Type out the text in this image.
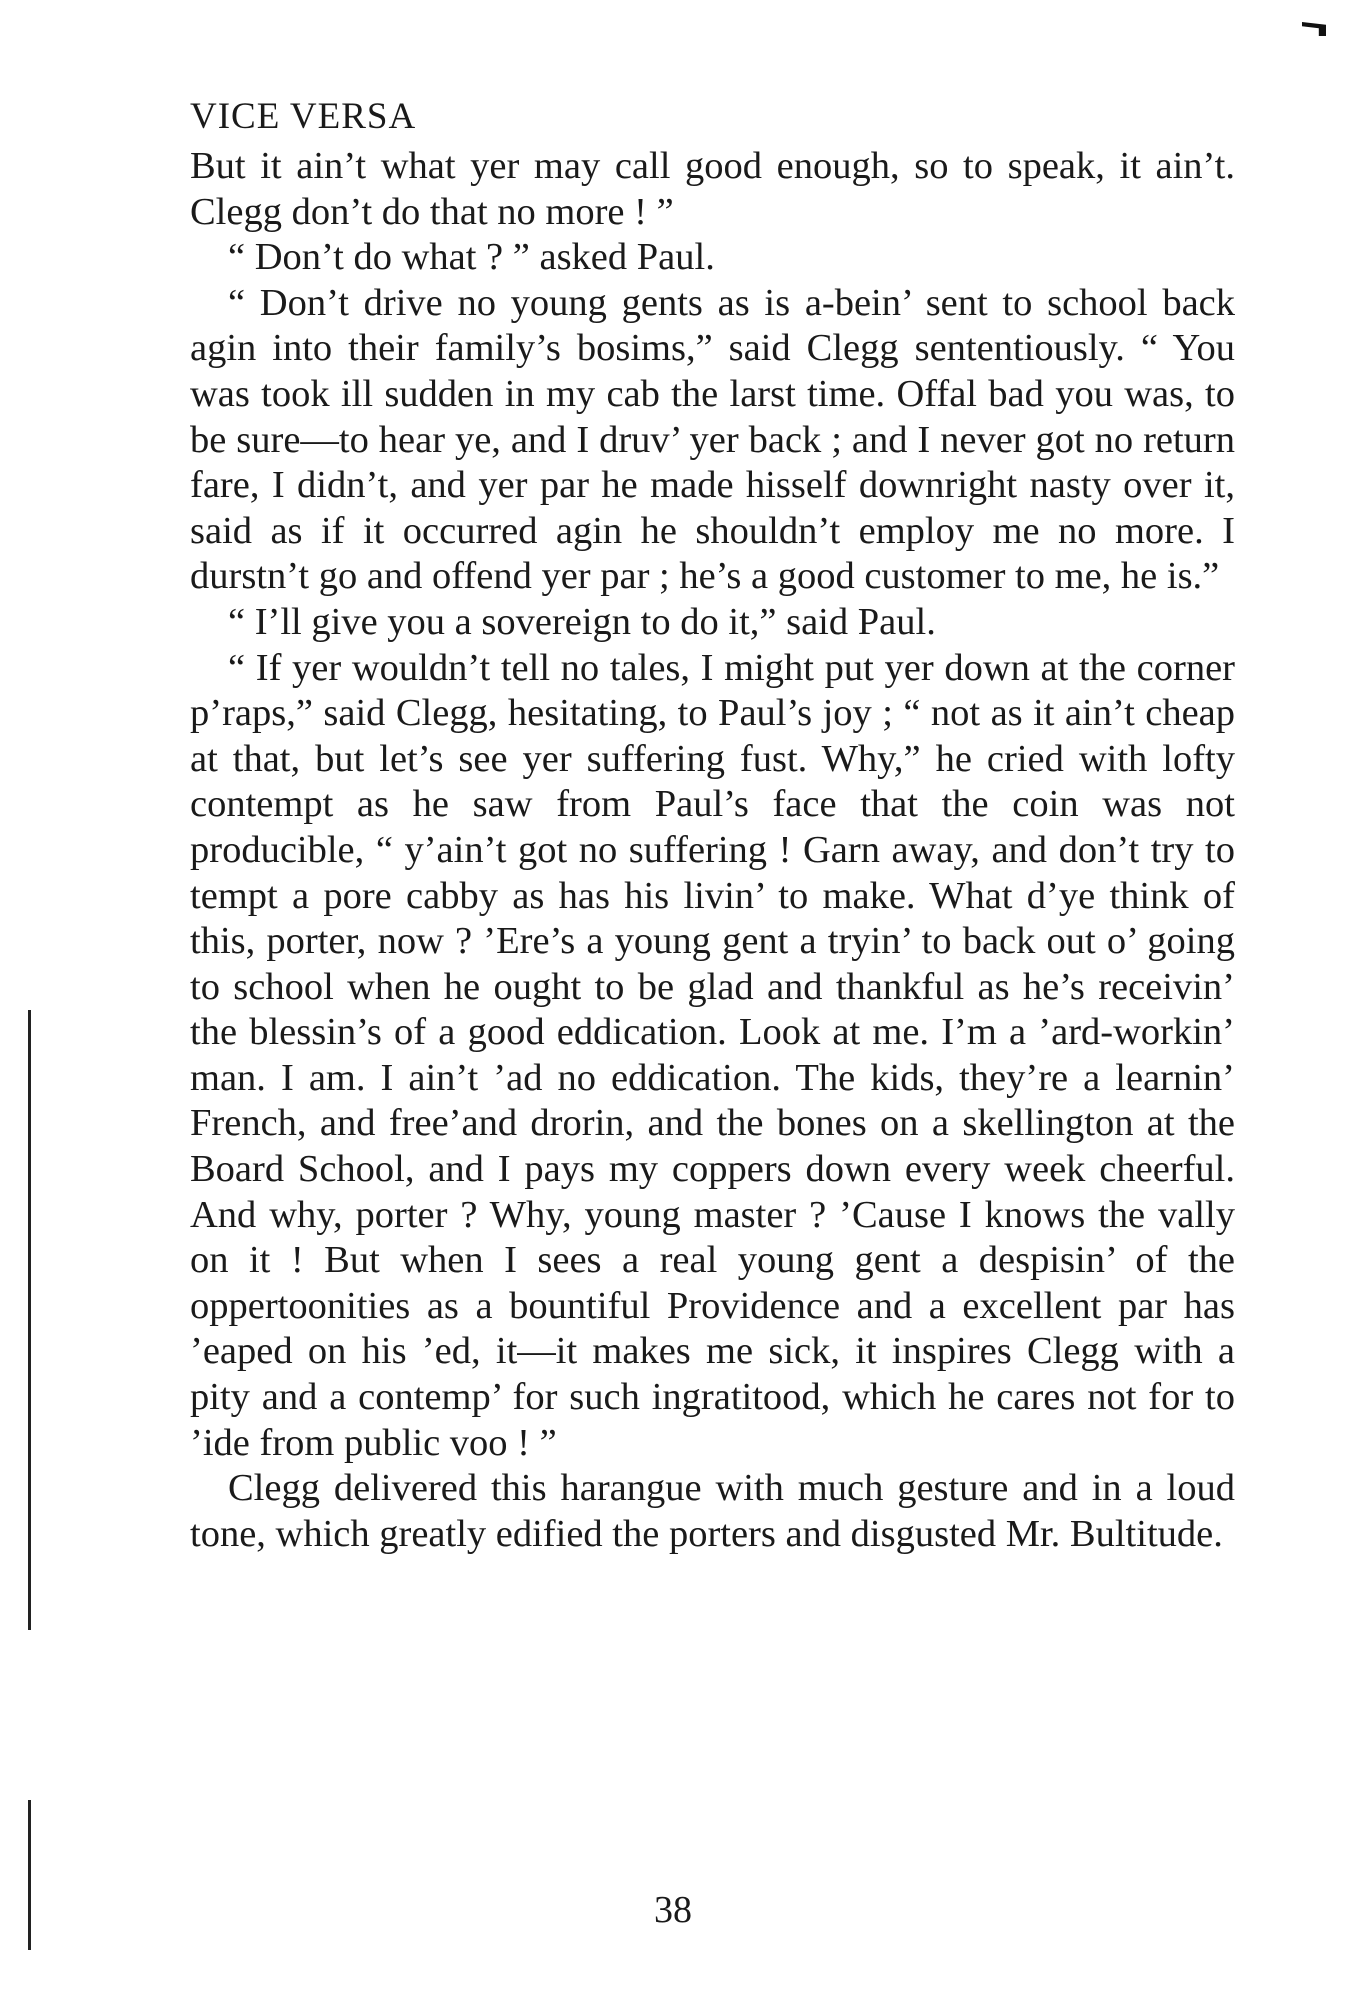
VICE VERSA

But it ain’t what yer may call good enough, so to speak, it ain’t. Clegg don’t do that no more ! ”

“ Don’t do what ? ” asked Paul.

“ Don’t drive no young gents as is a-bein’ sent to school back agin into their family’s bosims,” said Clegg sententiously. “ You was took ill sudden in my cab the larst time. Offal bad you was, to be sure—to hear ye, and I druv’ yer back ; and I never got no return fare, I didn’t, and yer par he made hisself downright nasty over it, said as if it occurred agin he shouldn’t employ me no more. I durstn’t go and offend yer par ; he’s a good customer to me, he is.”

“ I’ll give you a sovereign to do it,” said Paul.

“ If yer wouldn’t tell no tales, I might put yer down at the corner p’raps,” said Clegg, hesitating, to Paul’s joy ; “ not as it ain’t cheap at that, but let’s see yer suffering fust. Why,” he cried with lofty contempt as he saw from Paul’s face that the coin was not producible, “ y’ain’t got no suffering ! Garn away, and don’t try to tempt a pore cabby as has his livin’ to make. What d’ye think of this, porter, now ? ’Ere’s a young gent a tryin’ to back out o’ going to school when he ought to be glad and thankful as he’s receivin’ the blessin’s of a good eddication. Look at me. I’m a ’ard-workin’ man. I am. I ain’t ’ad no eddication. The kids, they’re a learnin’ French, and free’and drorin, and the bones on a skellington at the Board School, and I pays my coppers down every week cheerful. And why, porter ? Why, young master ? ’Cause I knows the vally on it ! But when I sees a real young gent a despisin’ of the oppertoonities as a bountiful Providence and a excellent par has ’eaped on his ’ed, it—it makes me sick, it inspires Clegg with a pity and a contemp’ for such ingratitood, which he cares not for to ’ide from public voo ! ”

Clegg delivered this harangue with much gesture and in a loud tone, which greatly edified the porters and disgusted Mr. Bultitude.

38
